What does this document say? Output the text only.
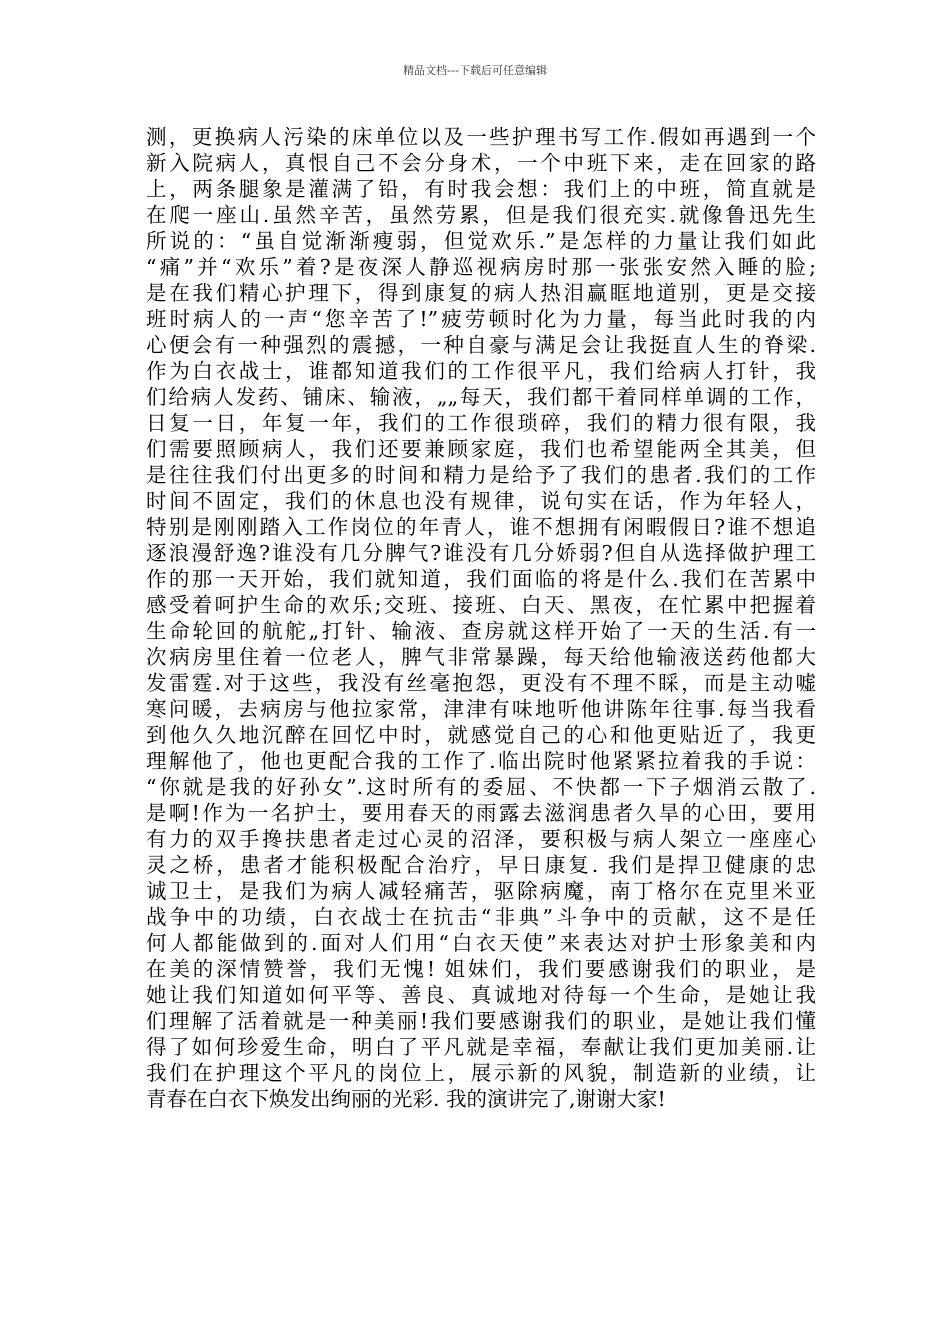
精品文档---下载后可任意编辑
测，更换病人污染的床单位以及一些护理书写工作.假如再遇到一个
新入院病人，真恨自己不会分身术，一个中班下来，走在回家的路
上，两条腿象是灌满了铅，有时我会想：我们上的中班，简直就是
在爬一座山.虽然辛苦，虽然劳累，但是我们很充实.就像鲁迅先生
所说的：“虽自觉渐渐瘦弱，但觉欢乐.”是怎样的力量让我们如此
“痛”并“欢乐”着?是夜深人静巡视病房时那一张张安然入睡的脸;
是在我们精心护理下，得到康复的病人热泪赢眶地道别，更是交接
班时病人的一声“您辛苦了!”疲劳顿时化为力量，每当此时我的内
心便会有一种强烈的震撼，一种自豪与满足会让我挺直人生的脊梁.
作为白衣战士，谁都知道我们的工作很平凡，我们给病人打针，我
们给病人发药、铺床、输液，„„每天，我们都干着同样单调的工作，
日复一日，年复一年，我们的工作很琐碎，我们的精力很有限，我
们需要照顾病人，我们还要兼顾家庭，我们也希望能两全其美，但
是往往我们付出更多的时间和精力是给予了我们的患者.我们的工作
时间不固定，我们的休息也没有规律，说句实在话，作为年轻人，
特别是刚刚踏入工作岗位的年青人，谁不想拥有闲暇假日?谁不想追
逐浪漫舒逸?谁没有几分脾气?谁没有几分娇弱?但自从选择做护理工
作的那一天开始，我们就知道，我们面临的将是什么.我们在苦累中
感受着呵护生命的欢乐;交班、接班、白天、黑夜，在忙累中把握着
生命轮回的航舵„打针、输液、查房就这样开始了一天的生活.有一
次病房里住着一位老人，脾气非常暴躁，每天给他输液送药他都大
发雷霆.对于这些，我没有丝毫抱怨，更没有不理不睬，而是主动嘘
寒问暖，去病房与他拉家常，津津有味地听他讲陈年往事.每当我看
到他久久地沉醉在回忆中时，就感觉自己的心和他更贴近了，我更
理解他了，他也更配合我的工作了.临出院时他紧紧拉着我的手说：
“你就是我的好孙女”.这时所有的委屈、不快都一下子烟消云散了.
是啊!作为一名护士，要用春天的雨露去滋润患者久旱的心田，要用
有力的双手搀扶患者走过心灵的沼泽，要积极与病人架立一座座心
灵之桥，患者才能积极配合治疗，早日康复. 我们是捍卫健康的忠
诚卫士，是我们为病人减轻痛苦，驱除病魔，南丁格尔在克里米亚
战争中的功绩，白衣战士在抗击“非典”斗争中的贡献，这不是任
何人都能做到的.面对人们用“白衣天使”来表达对护士形象美和内
在美的深情赞誉，我们无愧! 姐妹们，我们要感谢我们的职业，是
她让我们知道如何平等、善良、真诚地对待每一个生命，是她让我
们理解了活着就是一种美丽!我们要感谢我们的职业，是她让我们懂
得了如何珍爱生命，明白了平凡就是幸福，奉献让我们更加美丽.让
我们在护理这个平凡的岗位上，展示新的风貌，制造新的业绩，让
青春在白衣下焕发出绚丽的光彩. 我的演讲完了,谢谢大家!
